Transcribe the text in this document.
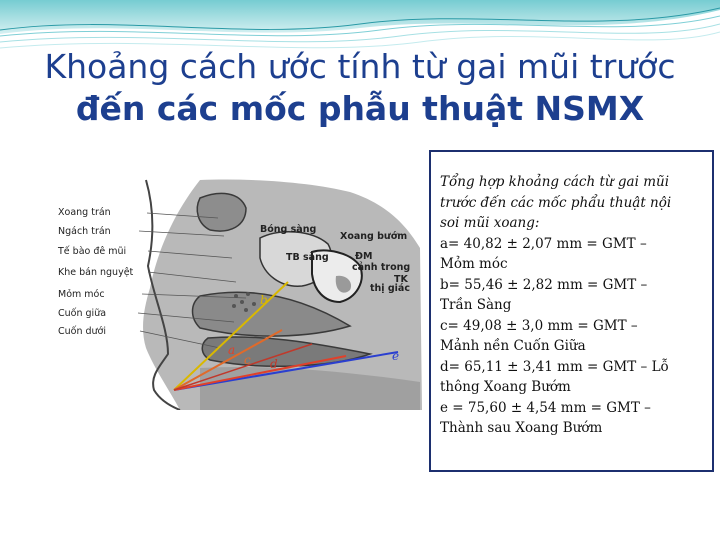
Khoảng cách ước tính từ gai mũi trước
đến các mốc phẫu thuật NSMX
Xoang trán
Ngách trán
Tế bào đê mũi
Khe bán nguyệt
Mỏm móc
Cuốn giữa
Cuốn dưới
Bóng sàng
Xoang bướm
TB sàng	ĐM
cảnh trong
TK
thị giác
a
b
c d
e
Tổng hợp khoảng cách từ gai mũi
trước đến các mốc phẩu thuật nội
soi mũi xoang:
a= 40,82 ± 2,07 mm = GMT –
Mỏm móc
b= 55,46 ± 2,82 mm = GMT –
Trần Sàng
c= 49,08 ± 3,0 mm = GMT –
Mảnh nền Cuốn Giữa
d= 65,11 ± 3,41 mm = GMT – Lỗ
thông Xoang Bướm
e = 75,60 ± 4,54 mm = GMT –
Thành sau Xoang Bướm
